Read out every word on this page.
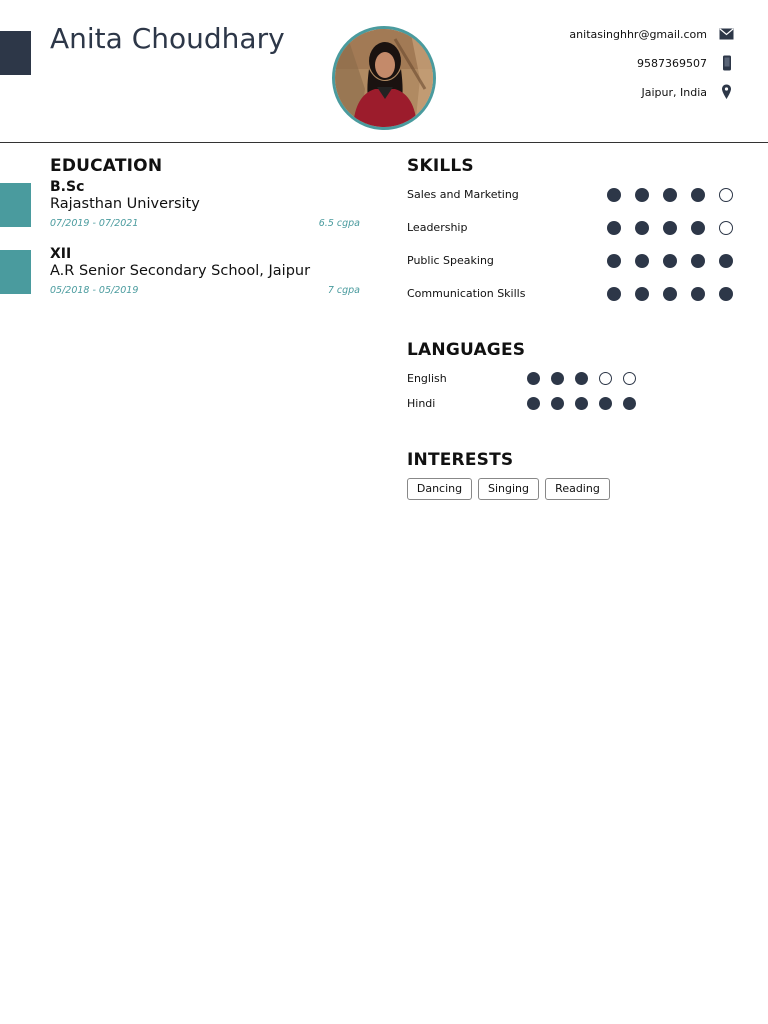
Anita Choudhary	anitasinghhr@gmail.com
9587369507
Jaipur, India
EDUCATION
B.Sc
Rajasthan University
07/2019 - 07/2021	6.5 cgpa
XII
A.R Senior Secondary School, Jaipur
05/2018 - 05/2019	7 cgpa
SKILLS
Sales and Marketing
Leadership
Public Speaking
Communication Skills
LANGUAGES
English
Hindi
INTERESTS
Dancing	Singing	Reading
